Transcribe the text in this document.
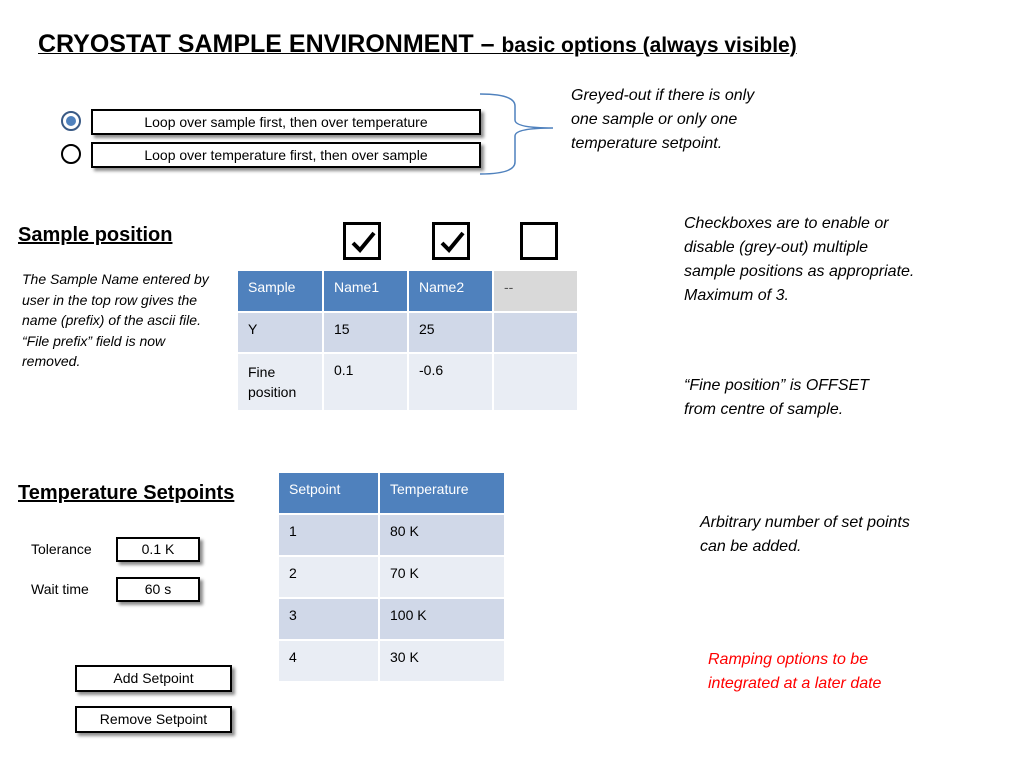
CRYOSTAT SAMPLE ENVIRONMENT – basic options (always visible)
Loop over sample first, then over temperature
Loop over temperature first, then over sample
Greyed-out if there is only one sample or only one temperature setpoint.
Sample position
Checkboxes are to enable or disable (grey-out) multiple sample positions as appropriate. Maximum of 3.
The Sample Name entered by user in the top row gives the name (prefix) of the ascii file. “File prefix” field is now removed.
Sample	Name1	Name2	--
Y	15	25	
Fine position	0.1	-0.6	
“Fine position” is OFFSET from centre of sample.
Temperature Setpoints
Tolerance	0.1 K
Wait time	60 s
Setpoint	Temperature
1	80 K
2	70 K
3	100 K
4	30 K
Arbitrary number of set points can be added.
Ramping options to be integrated at a later date
Add Setpoint
Remove Setpoint
